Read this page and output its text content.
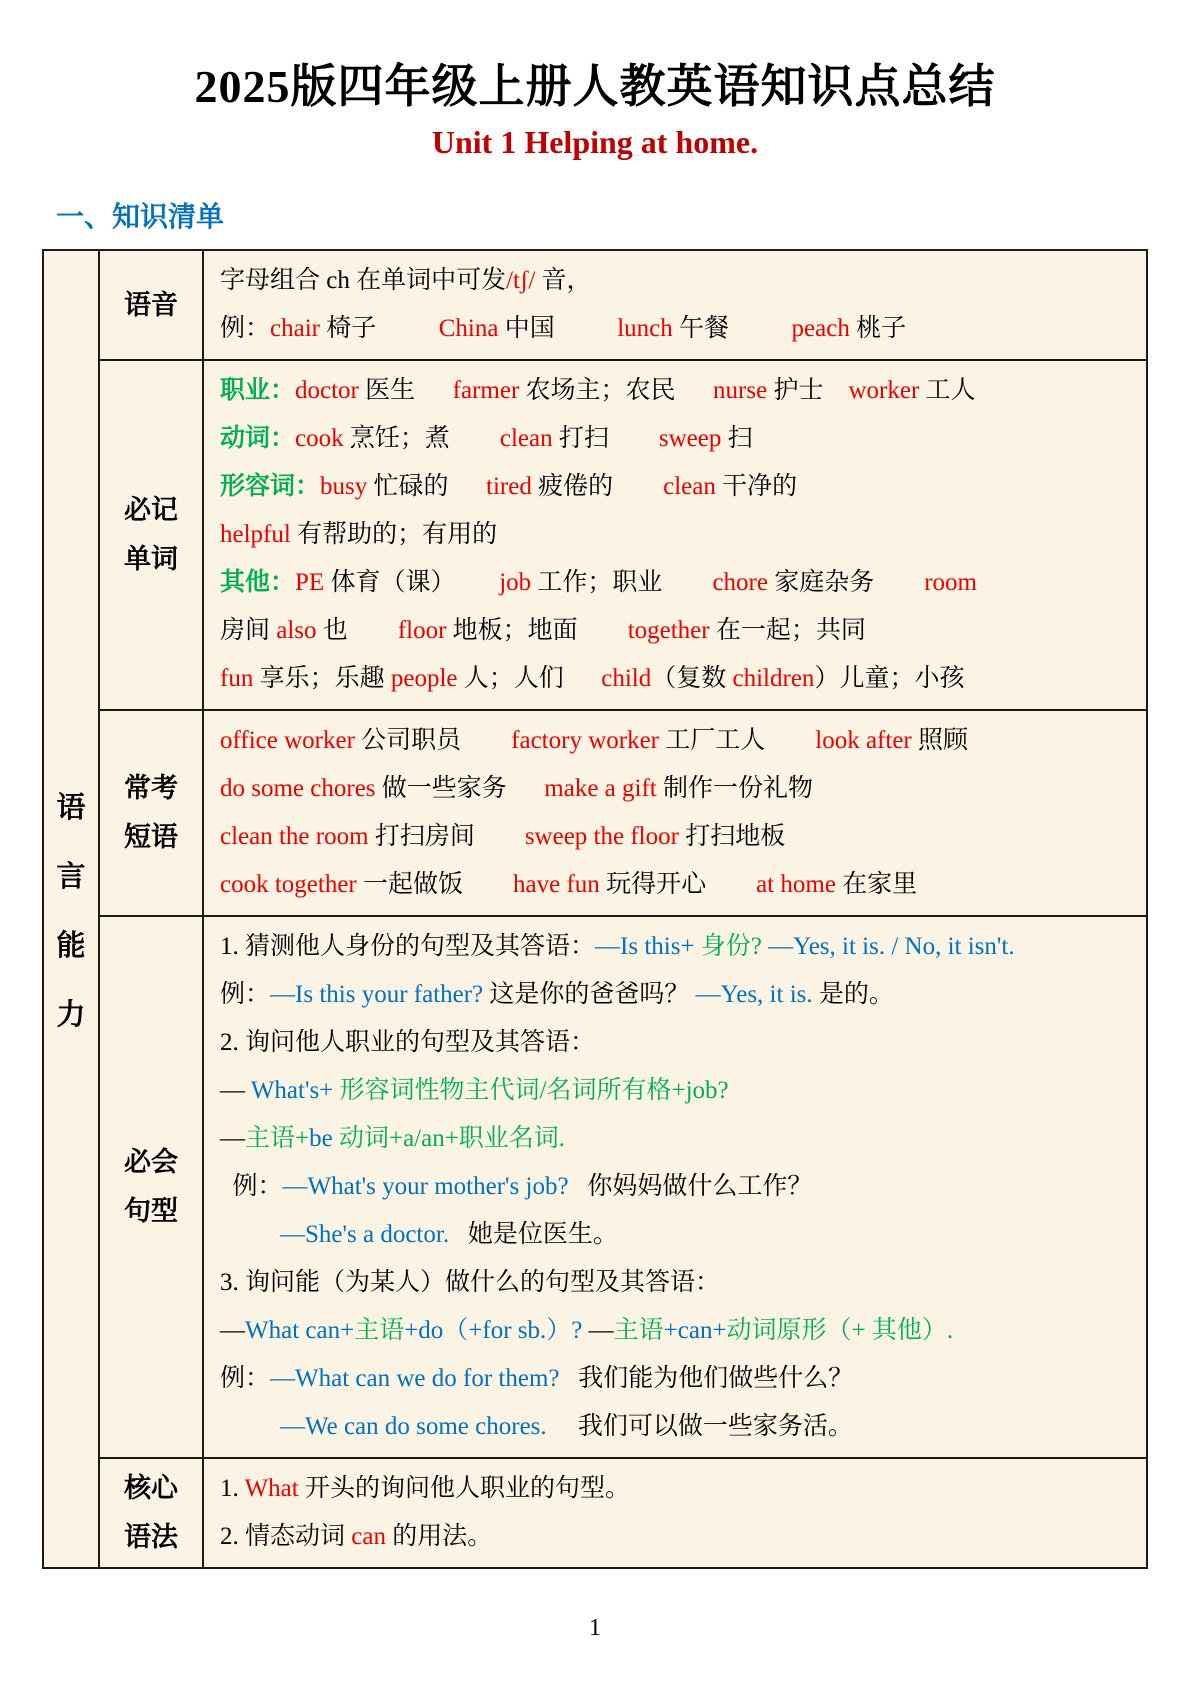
2025版四年级上册人教英语知识点总结
Unit 1 Helping at home.
一、知识清单
语
言
能
力

语音

字母组合 ch 在单词中可发/tʃ/ 音，
例：chair 椅子	China 中国	lunch 午餐	peach 桃子

必记
单词

职业：doctor 医生 farmer 农场主；农民 nurse 护士 worker 工人
动词：cook 烹饪；煮 clean 打扫 sweep 扫
形容词：busy 忙碌的 tired 疲倦的 clean 干净的
helpful 有帮助的；有用的
其他：PE 体育（课） job 工作；职业 chore 家庭杂务 room
房间 also 也 floor 地板；地面 together 在一起；共同
fun 享乐；乐趣 people 人；人们 child（复数 children）儿童；小孩

常考
短语

office worker 公司职员 factory worker 工厂工人 look after 照顾
do some chores 做一些家务 make a gift 制作一份礼物
clean the room 打扫房间 sweep the floor 打扫地板
cook together 一起做饭 have fun 玩得开心 at home 在家里

必会
句型

1. 猜测他人身份的句型及其答语：—Is this+ 身份? —Yes, it is. / No, it isn't.
例：—Is this your father? 这是你的爸爸吗？ —Yes, it is. 是的。
2. 询问他人职业的句型及其答语：
— What's+ 形容词性物主代词/名词所有格+job?
—主语+be 动词+a/an+职业名词.
例：—What's your mother's job?   你妈妈做什么工作？
—She's a doctor.   她是位医生。
3. 询问能（为某人）做什么的句型及其答语：
—What can+主语+do（+for sb.）? —主语+can+动词原形（+ 其他）.
例：—What can we do for them?   我们能为他们做些什么？
—We can do some chores.     我们可以做一些家务活。

核心
语法

1. What 开头的询问他人职业的句型。
2. 情态动词 can 的用法。
1
